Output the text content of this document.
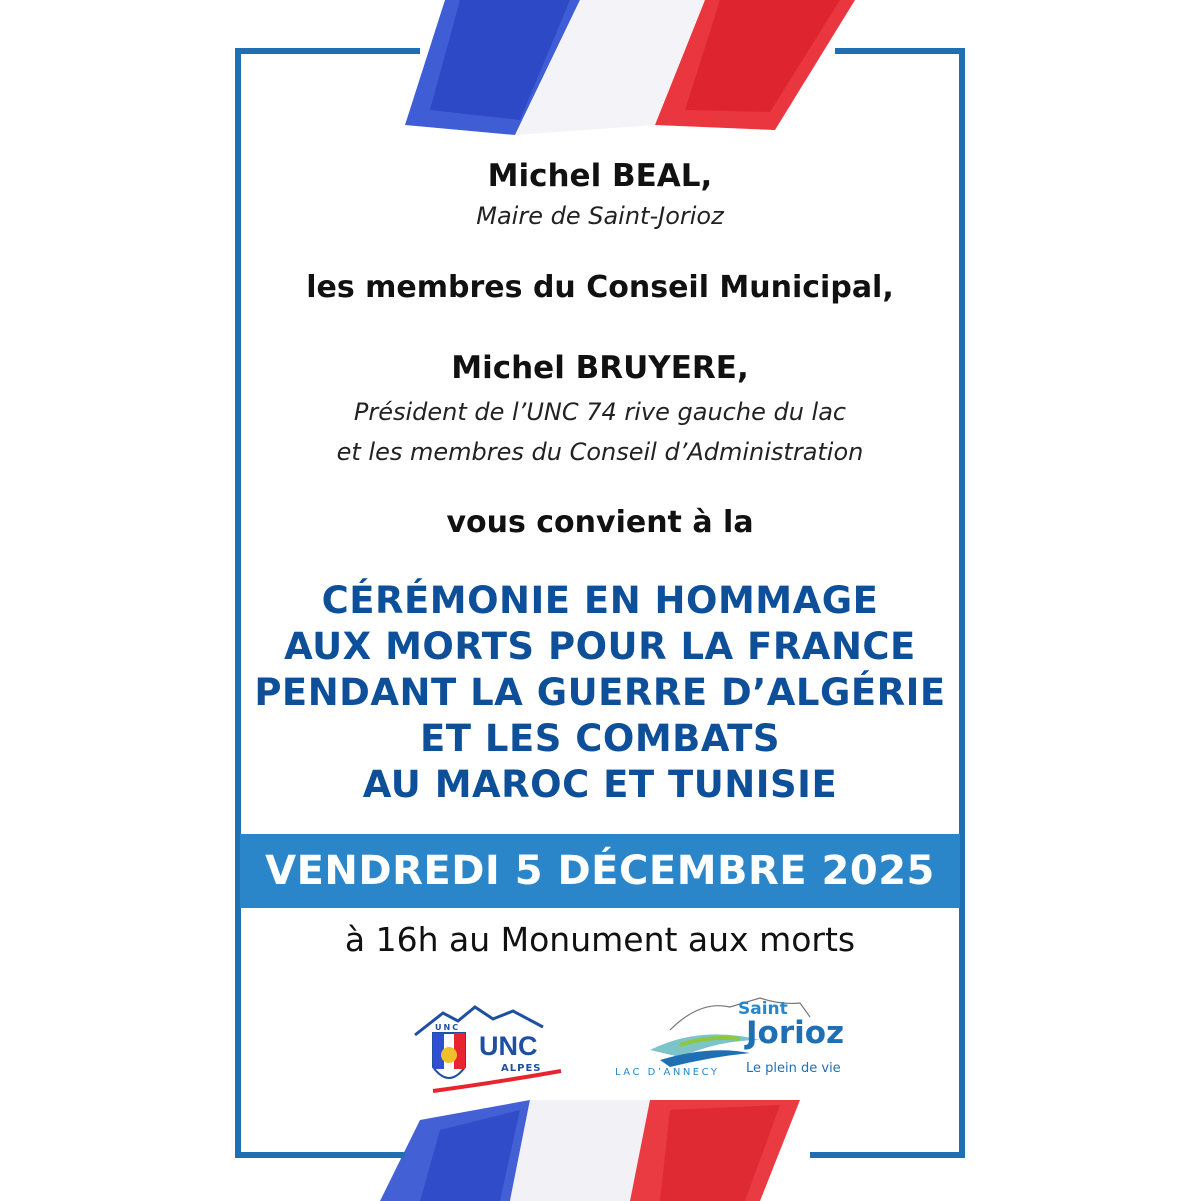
Michel BEAL,
Maire de Saint-Jorioz
les membres du Conseil Municipal,
Michel BRUYERE,
Président de l’UNC 74 rive gauche du lac
et les membres du Conseil d’Administration
vous convient à la
CÉRÉMONIE EN HOMMAGE
AUX MORTS POUR LA FRANCE
PENDANT LA GUERRE D’ALGÉRIE
ET LES COMBATS
AU MAROC ET TUNISIE
VENDREDI 5 DÉCEMBRE 2025
à 16h au Monument aux morts
UNC
UNC
ALPES
Saint
Jorioz
LAC D’ANNECY Le plein de vie
